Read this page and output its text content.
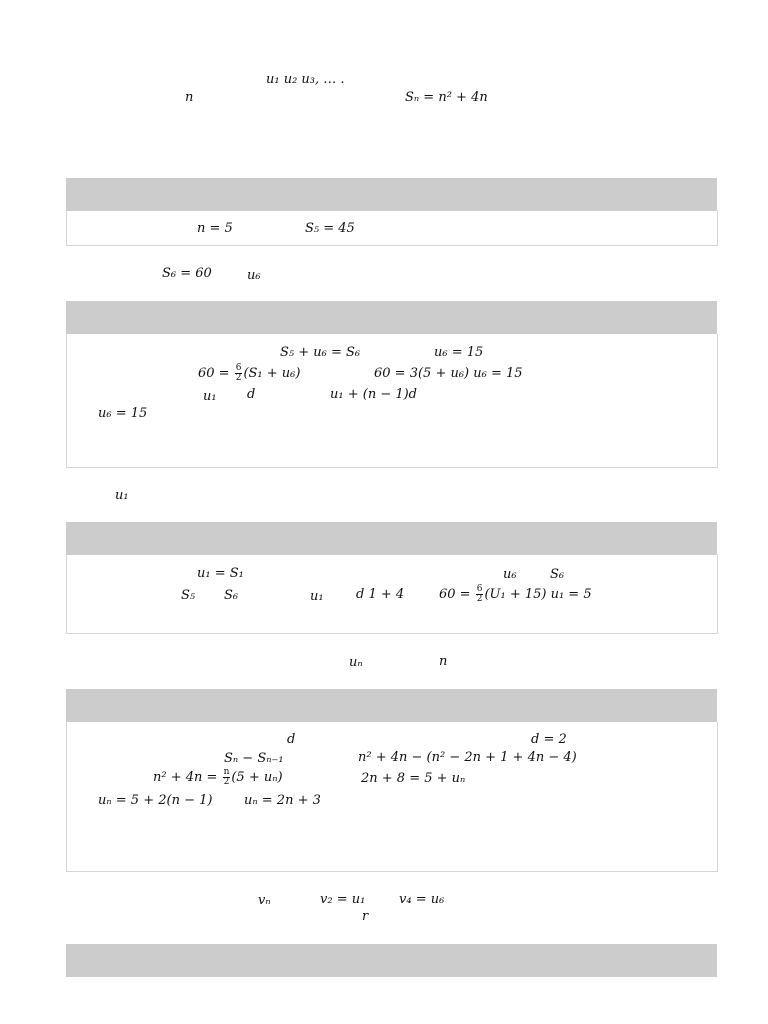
u₁ u₂ u₃, … .
n	Sₙ = n² + 4n
n = 5	S₅ = 45
S₆ = 60	u₆
S₅ + u₆ = S₆	u₆ = 15
$60 = \frac{6}{2} (S_1 + u_6)$	60 = 3(5 + u₆) u₆ = 15
u₁ d	u₁ + (n − 1)d
u₆ = 15
u₁
u₁ = S₁	u₆	S₆
S₅ S₆	u₁ d 1 + 4	$60 = \frac{6}{2} (U_1 + 15) u_1 = 5$
uₙ	n
d	d = 2
Sₙ − Sₙ₋₁	n² + 4n − (n² − 2n + 1 + 4n − 4)
$n^2 + 4n = \frac{n}{2} (5 + u_n)$	2n + 8 = 5 + uₙ
uₙ = 5 + 2(n − 1) uₙ = 2n + 3
vₙ	v₂ = u₁	v₄ = u₆
r
